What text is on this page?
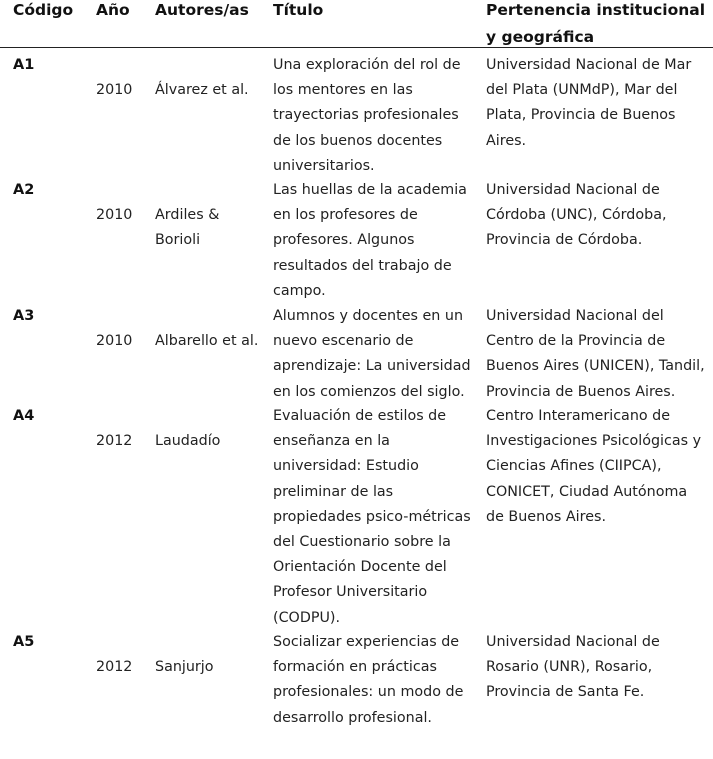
Código Año Autores/as Título	Pertenencia institucional y geográfica
A1
2010 Álvarez et al.
Una exploración del rol de los mentores en las trayectorias profesionales de los buenos docentes universitarios.
Universidad Nacional de Mar del Plata (UNMdP), Mar del Plata, Provincia de Buenos Aires.
A2
2010 Ardiles & Borioli
Las huellas de la academia en los profesores de profesores. Algunos resultados del trabajo de campo.
Universidad Nacional de Córdoba (UNC), Córdoba, Provincia de Córdoba.
A3
2010 Albarello et al.
Alumnos y docentes en un nuevo escenario de aprendizaje: La universidad en los comienzos del siglo.
Universidad Nacional del Centro de la Provincia de Buenos Aires (UNICEN), Tandil, Provincia de Buenos Aires.
A4
2012 Laudadío
Evaluación de estilos de enseñanza en la universidad: Estudio preliminar de las propiedades psico-métricas del Cuestionario sobre la Orientación Docente del Profesor Universitario (CODPU).
Centro Interamericano de Investigaciones Psicológicas y Ciencias Afines (CIIPCA), CONICET, Ciudad Autónoma de Buenos Aires.
A5
2012 Sanjurjo
Socializar experiencias de formación en prácticas profesionales: un modo de desarrollo profesional.
Universidad Nacional de Rosario (UNR), Rosario, Provincia de Santa Fe.
